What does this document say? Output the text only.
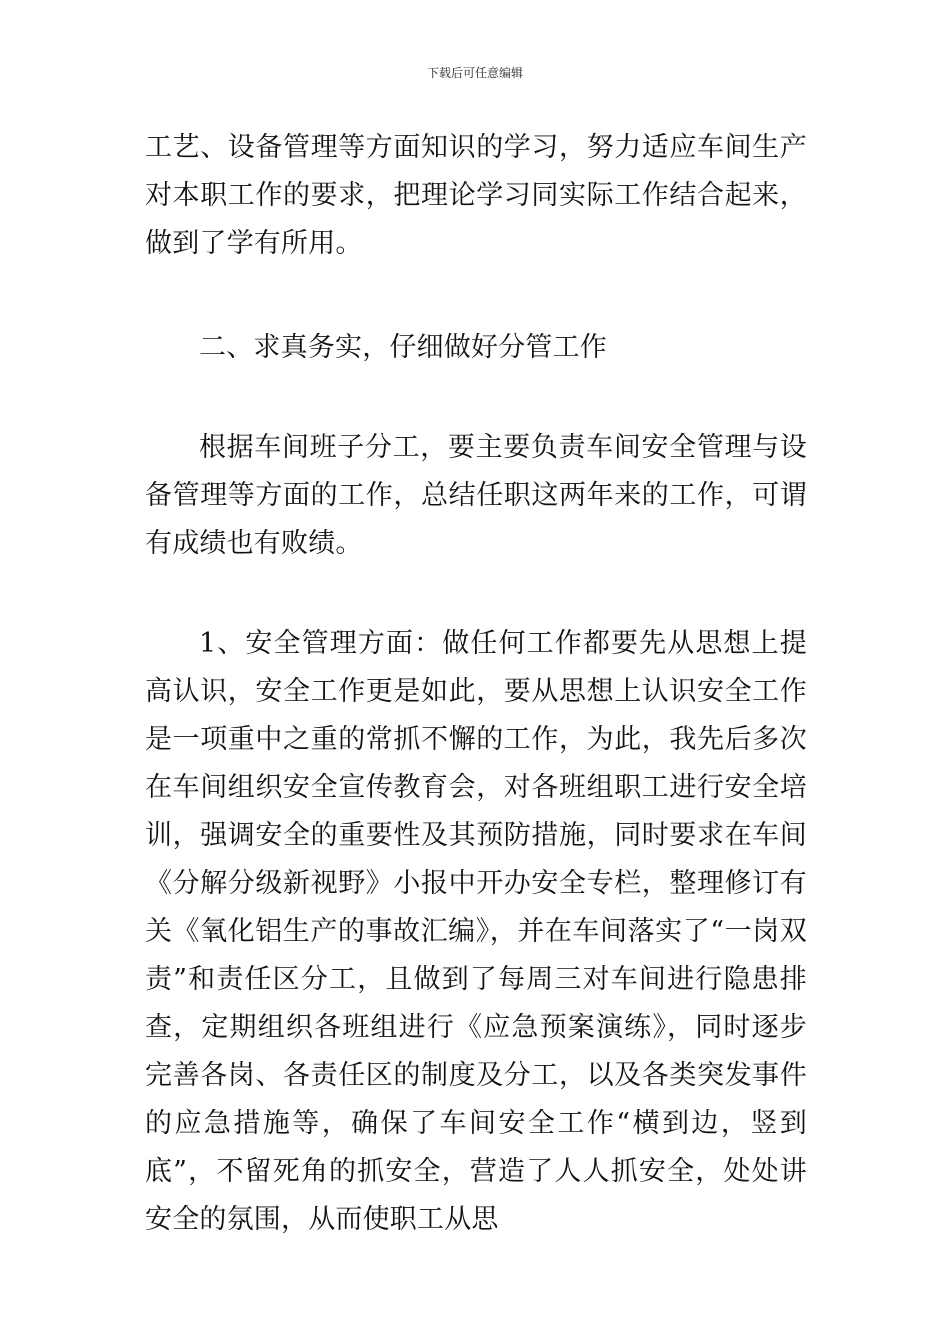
下载后可任意编辑

工艺、设备管理等方面知识的学习，努力适应车间生产对本职工作的要求，把理论学习同实际工作结合起来，做到了学有所用。

二、求真务实，仔细做好分管工作

根据车间班子分工，要主要负责车间安全管理与设备管理等方面的工作，总结任职这两年来的工作，可谓有成绩也有败绩。

1、安全管理方面：做任何工作都要先从思想上提高认识，安全工作更是如此，要从思想上认识安全工作是一项重中之重的常抓不懈的工作，为此，我先后多次在车间组织安全宣传教育会，对各班组职工进行安全培训，强调安全的重要性及其预防措施，同时要求在车间《分解分级新视野》小报中开办安全专栏，整理修订有关《氧化铝生产的事故汇编》，并在车间落实了“一岗双责”和责任区分工，且做到了每周三对车间进行隐患排查，定期组织各班组进行《应急预案演练》，同时逐步完善各岗、各责任区的制度及分工，以及各类突发事件的应急措施等，确保了车间安全工作“横到边，竖到底”，不留死角的抓安全，营造了人人抓安全，处处讲安全的氛围，从而使职工从思
